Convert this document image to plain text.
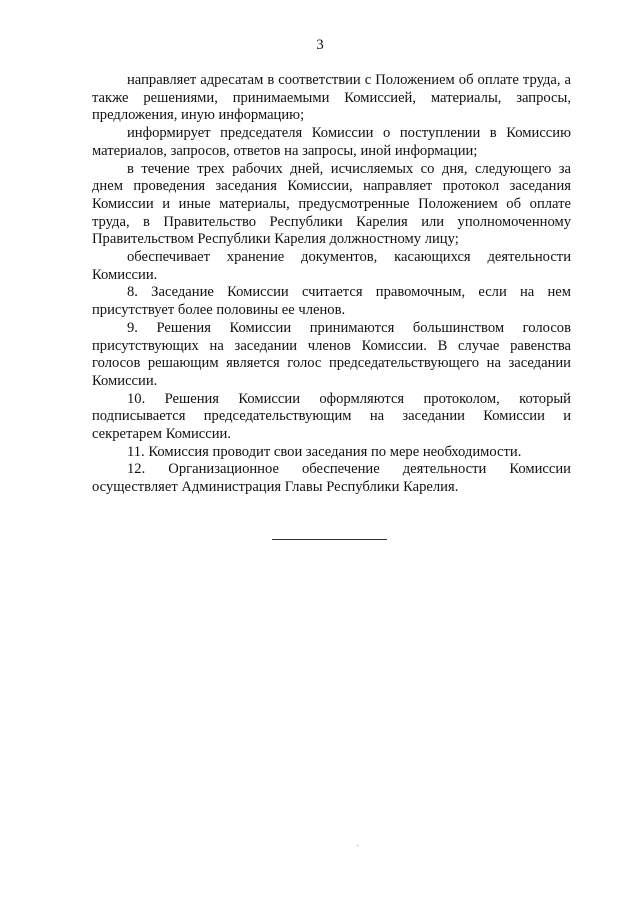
3

направляет адресатам в соответствии с Положением об оплате труда, а также решениями, принимаемыми Комиссией, материалы, запросы, предложения, иную информацию;

информирует председателя Комиссии о поступлении в Комиссию материалов, запросов, ответов на запросы, иной информации;

в течение трех рабочих дней, исчисляемых со дня, следующего за днем проведения заседания Комиссии, направляет протокол заседания Комиссии и иные материалы, предусмотренные Положением об оплате труда, в Правительство Республики Карелия или уполномоченному Правительством Республики Карелия должностному лицу;

обеспечивает хранение документов, касающихся деятельности Комиссии.

8. Заседание Комиссии считается правомочным, если на нем присутствует более половины ее членов.

9. Решения Комиссии принимаются большинством голосов присутствующих на заседании членов Комиссии. В случае равенства голосов решающим является голос председательствующего на заседании Комиссии.

10. Решения Комиссии оформляются протоколом, который подписывается председательствующим на заседании Комиссии и секретарем Комиссии.

11. Комиссия проводит свои заседания по мере необходимости.

12. Организационное обеспечение деятельности Комиссии осуществляет Администрация Главы Республики Карелия.
